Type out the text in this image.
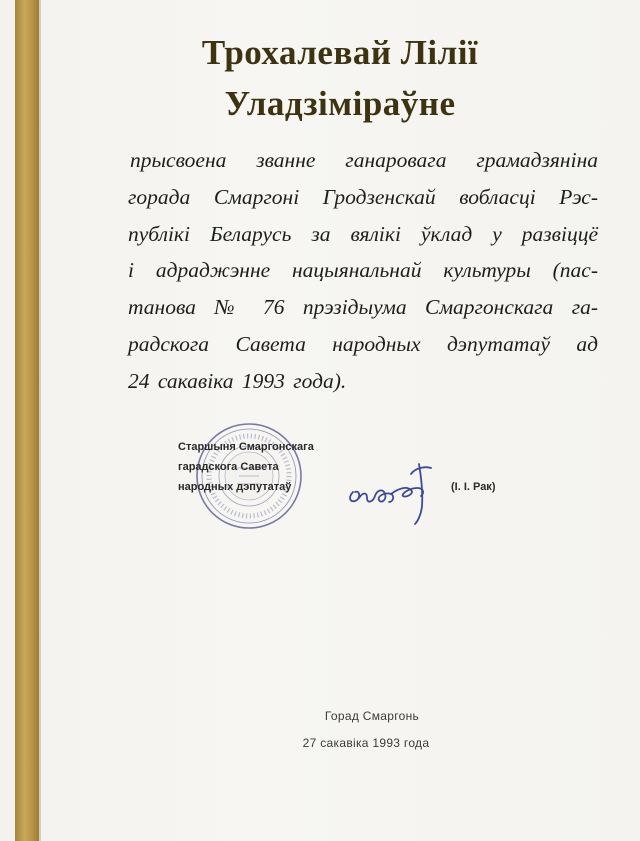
Трохалевай Лілії
Уладзіміраўне
прысвоена званне ганаровага грамадзяніна
горада Смаргоні Гродзенскай вобласці Рэс-
публікі Беларусь за вялікі ўклад у развіццё
і адраджэнне нацыянальнай культуры (пас-
танова № 76 прэзідыума Смаргонскага га-
радскога Савета народных дэпутатаў ад
24 сакавіка 1993 года).
Старшыня Смаргонскага
гарадскога Савета
народных дэпутатаў	(І. І. Рак)
Горад Смаргонь
27 сакавіка 1993 года
